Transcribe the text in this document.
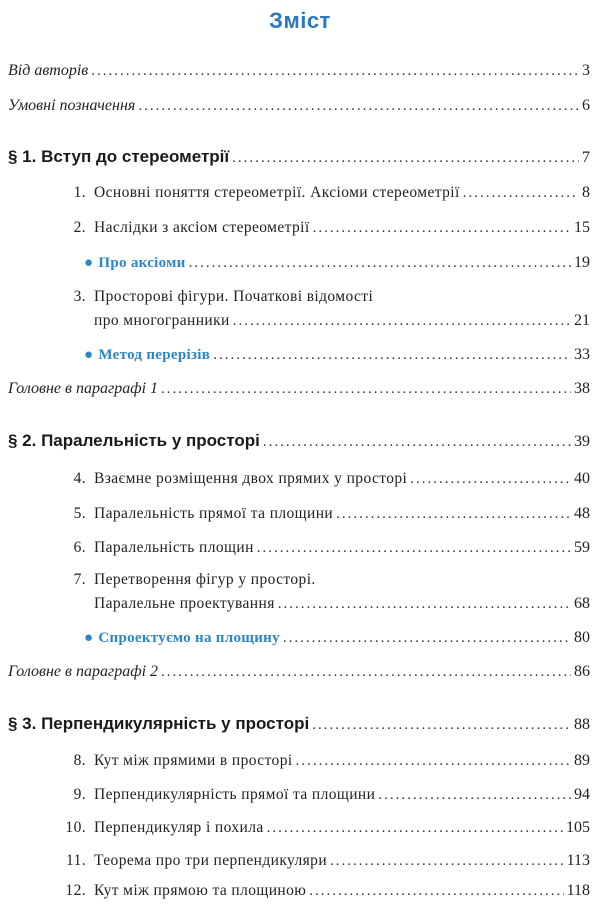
Зміст
Від авторів .....	3
Умовні позначення .....	6
§ 1. Вступ до стереометрії .....	7
1. Основні поняття стереометрії. Аксіоми стереометрії .....	8
2. Наслідки з аксіом стереометрії .....	15
● Про аксіоми .....	19
3. Просторові фігури. Початкові відомості
про многогранники .....	21
● Метод перерізів .....	33
Головне в параграфі 1 .....	38
§ 2. Паралельність у просторі .....	39
4. Взаємне розміщення двох прямих у просторі .....	40
5. Паралельність прямої та площини .....	48
6. Паралельність площин .....	59
7. Перетворення фігур у просторі.
Паралельне проектування .....	68
● Спроектуємо на площину .....	80
Головне в параграфі 2 .....	86
§ 3. Перпендикулярність у просторі .....	88
8. Кут між прямими в просторі .....	89
9. Перпендикулярність прямої та площини .....	94
10. Перпендикуляр і похила .....	105
11. Теорема про три перпендикуляри .....	113
12. Кут між прямою та площиною .....	118
